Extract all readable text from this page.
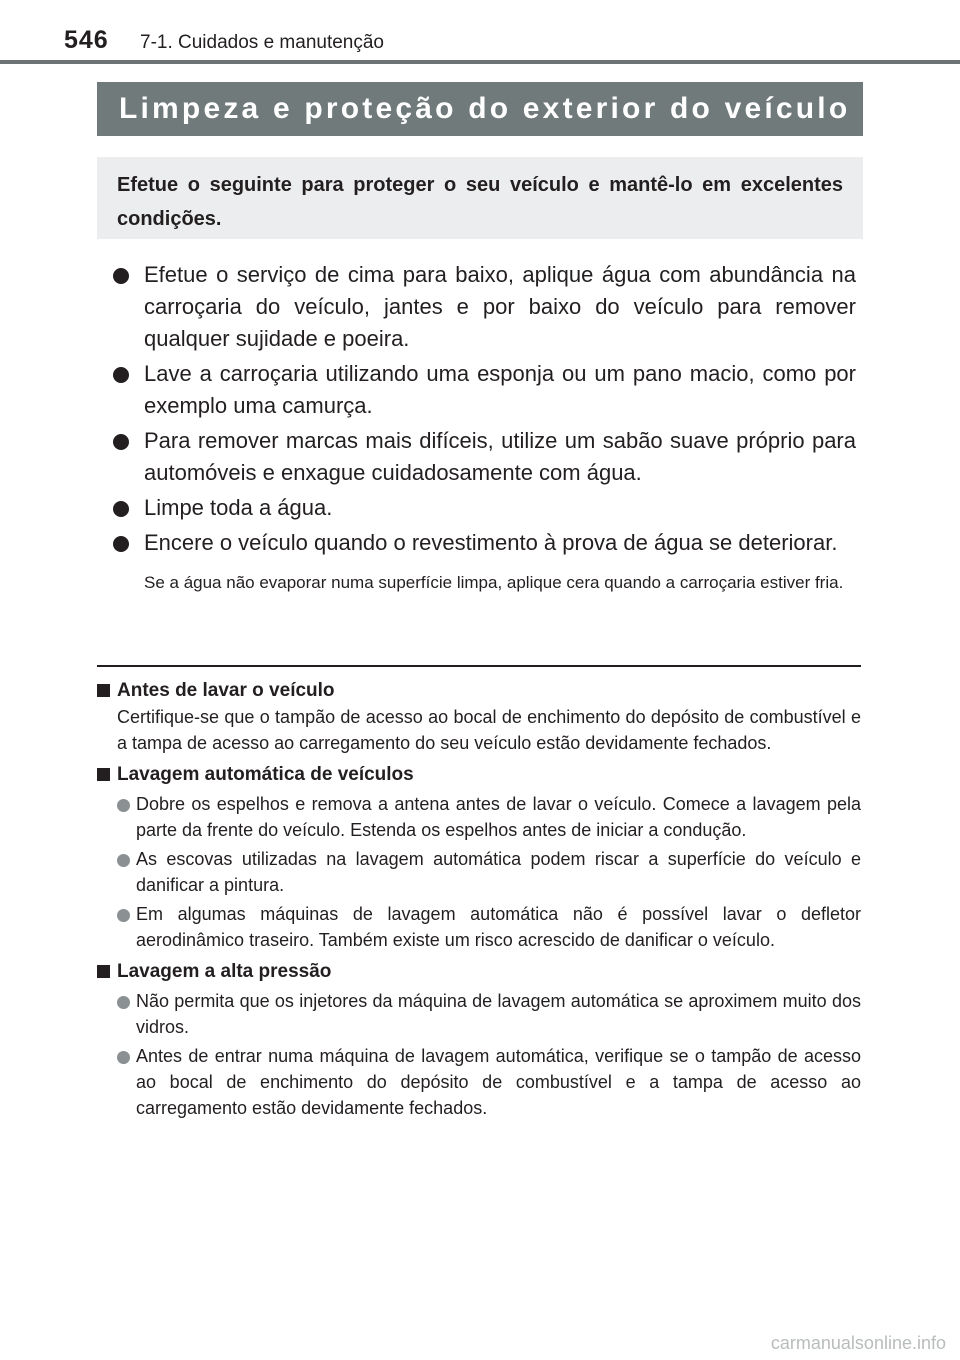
546 7-1. Cuidados e manutenção
Limpeza e proteção do exterior do veículo
Efetue o seguinte para proteger o seu veículo e mantê-lo em excelentes condições.
Efetue o serviço de cima para baixo, aplique água com abundância na carroçaria do veículo, jantes e por baixo do veículo para remover qualquer sujidade e poeira.
Lave a carroçaria utilizando uma esponja ou um pano macio, como por exemplo uma camurça.
Para remover marcas mais difíceis, utilize um sabão suave próprio para automóveis e enxague cuidadosamente com água.
Limpe toda a água.
Encere o veículo quando o revestimento à prova de água se deteriorar.
Se a água não evaporar numa superfície limpa, aplique cera quando a carroçaria estiver fria.
Antes de lavar o veículo
Certifique-se que o tampão de acesso ao bocal de enchimento do depósito de combustível e a tampa de acesso ao carregamento do seu veículo estão devidamente fechados.
Lavagem automática de veículos
Dobre os espelhos e remova a antena antes de lavar o veículo. Comece a lavagem pela parte da frente do veículo. Estenda os espelhos antes de iniciar a condução.
As escovas utilizadas na lavagem automática podem riscar a superfície do veículo e danificar a pintura.
Em algumas máquinas de lavagem automática não é possível lavar o defletor aerodinâmico traseiro. Também existe um risco acrescido de danificar o veículo.
Lavagem a alta pressão
Não permita que os injetores da máquina de lavagem automática se aproximem muito dos vidros.
Antes de entrar numa máquina de lavagem automática, verifique se o tampão de acesso ao bocal de enchimento do depósito de combustível e a tampa de acesso ao carregamento estão devidamente fechados.
carmanualsonline.info
